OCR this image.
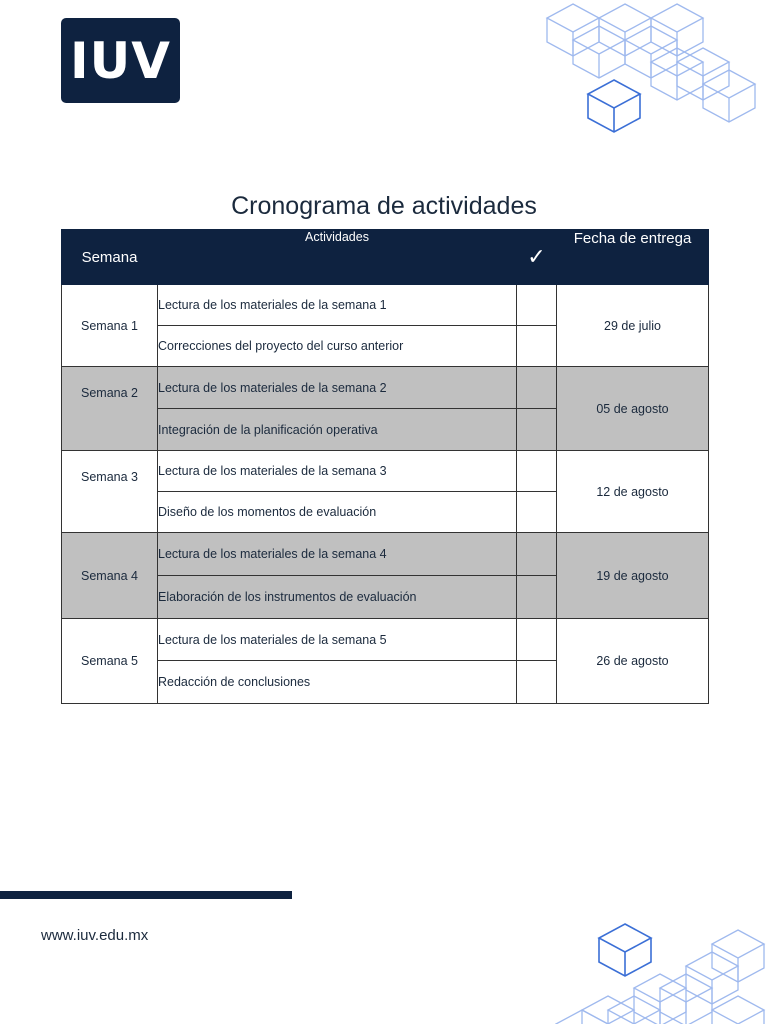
IUV
Cronograma de actividades
Semana	Actividades	✓	Fecha de entrega
Semana 1	Lectura de los materiales de la semana 1		29 de julio
	Correcciones del proyecto del curso anterior		
Semana 2	Lectura de los materiales de la semana 2		05 de agosto
	Integración de la planificación operativa		
Semana 3	Lectura de los materiales de la semana 3		12 de agosto
	Diseño de los momentos de evaluación		
Semana 4	Lectura de los materiales de la semana 4		19 de agosto
	Elaboración de los instrumentos de evaluación		
Semana 5	Lectura de los materiales de la semana 5		26 de agosto
	Redacción de conclusiones		
www.iuv.edu.mx
